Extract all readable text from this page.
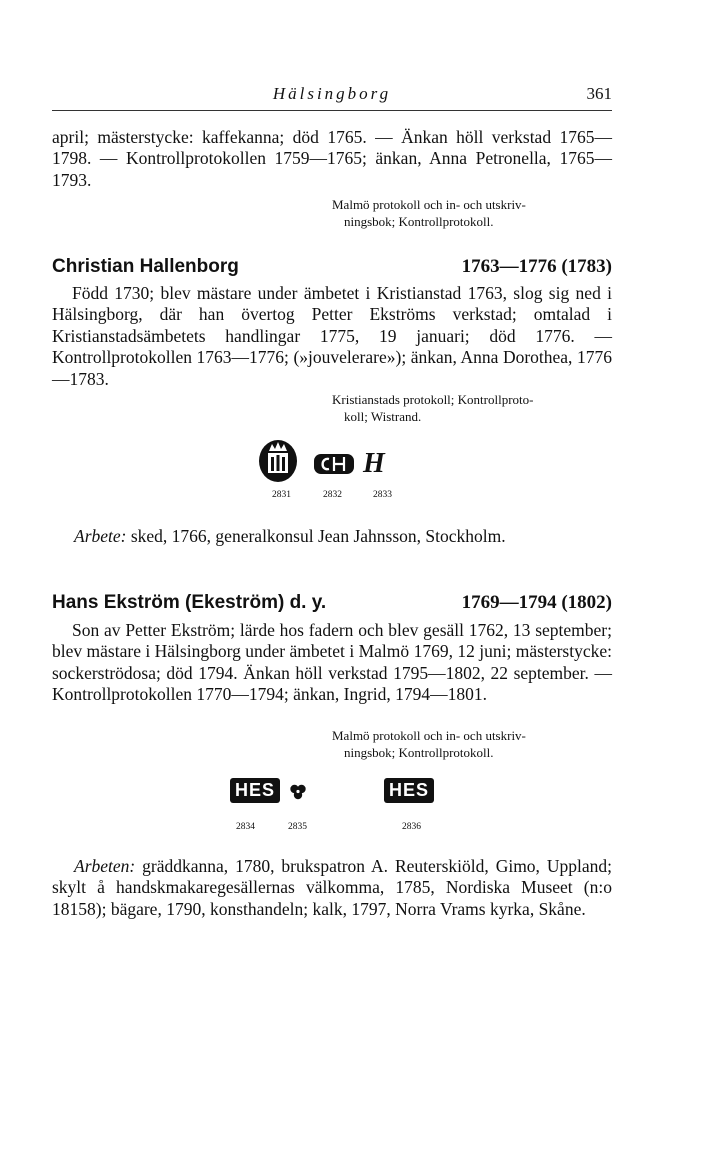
Hälsingborg	361

april; mästerstycke: kaffekanna; död 1765. — Änkan höll verkstad 1765—1798. — Kontrollprotokollen 1759—1765; änkan, Anna Petronella, 1765—1793.

Malmö protokoll och in- och utskriv-
ningsbok; Kontrollprotokoll.

Christian Hallenborg	1763—1776 (1783)

Född 1730; blev mästare under ämbetet i Kristianstad 1763, slog sig ned i Hälsingborg, där han övertog Petter Ekströms verkstad; omtalad i Kristianstadsämbetets handlingar 1775, 19 januari; död 1776. — Kontrollprotokollen 1763—1776; (»jouvelerare»); änkan, Anna Dorothea, 1776—1783.

Kristianstads protokoll; Kontrollproto-
koll; Wistrand.

H
2831	2832	2833

Arbete: sked, 1766, generalkonsul Jean Jahnsson, Stockholm.

Hans Ekström (Ekeström) d. y.	1769—1794 (1802)

Son av Petter Ekström; lärde hos fadern och blev gesäll 1762, 13 september; blev mästare i Hälsingborg under ämbetet i Malmö 1769, 12 juni; mästerstycke: sockerströdosa; död 1794. Änkan höll verkstad 1795—1802, 22 september. — Kontrollprotokollen 1770—1794; änkan, Ingrid, 1794—1801.

Malmö protokoll och in- och utskriv-
ningsbok; Kontrollprotokoll.

HES	HES
2834	2835	2836

Arbeten: gräddkanna, 1780, brukspatron A. Reuterskiöld, Gimo, Uppland; skylt å handskmakaregesällernas välkomma, 1785, Nordiska Museet (n:o 18158); bägare, 1790, konsthandeln; kalk, 1797, Norra Vrams kyrka, Skåne.
